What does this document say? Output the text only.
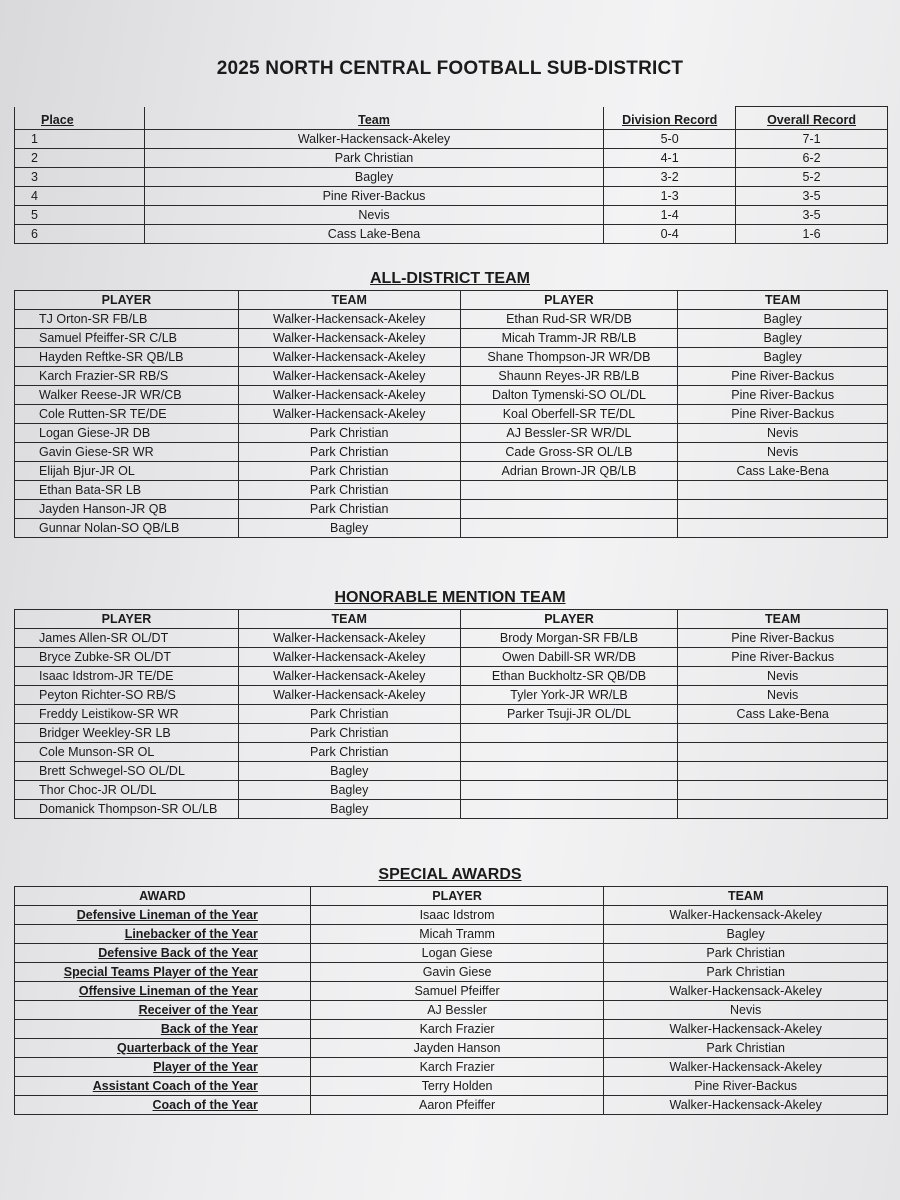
2025 NORTH CENTRAL FOOTBALL SUB-DISTRICT
Place	Team	Division Record	Overall Record
1	Walker-Hackensack-Akeley	5-0	7-1
2	Park Christian	4-1	6-2
3	Bagley	3-2	5-2
4	Pine River-Backus	1-3	3-5
5	Nevis	1-4	3-5
6	Cass Lake-Bena	0-4	1-6
ALL-DISTRICT TEAM
PLAYER	TEAM	PLAYER	TEAM
TJ Orton-SR FB/LB	Walker-Hackensack-Akeley	Ethan Rud-SR WR/DB	Bagley
Samuel Pfeiffer-SR C/LB	Walker-Hackensack-Akeley	Micah Tramm-JR RB/LB	Bagley
Hayden Reftke-SR QB/LB	Walker-Hackensack-Akeley	Shane Thompson-JR WR/DB	Bagley
Karch Frazier-SR RB/S	Walker-Hackensack-Akeley	Shaunn Reyes-JR RB/LB	Pine River-Backus
Walker Reese-JR WR/CB	Walker-Hackensack-Akeley	Dalton Tymenski-SO OL/DL	Pine River-Backus
Cole Rutten-SR TE/DE	Walker-Hackensack-Akeley	Koal Oberfell-SR TE/DL	Pine River-Backus
Logan Giese-JR DB	Park Christian	AJ Bessler-SR WR/DL	Nevis
Gavin Giese-SR WR	Park Christian	Cade Gross-SR OL/LB	Nevis
Elijah Bjur-JR OL	Park Christian	Adrian Brown-JR QB/LB	Cass Lake-Bena
Ethan Bata-SR LB	Park Christian		
Jayden Hanson-JR QB	Park Christian		
Gunnar Nolan-SO QB/LB	Bagley		
HONORABLE MENTION TEAM
PLAYER	TEAM	PLAYER	TEAM
James Allen-SR OL/DT	Walker-Hackensack-Akeley	Brody Morgan-SR FB/LB	Pine River-Backus
Bryce Zubke-SR OL/DT	Walker-Hackensack-Akeley	Owen Dabill-SR WR/DB	Pine River-Backus
Isaac Idstrom-JR TE/DE	Walker-Hackensack-Akeley	Ethan Buckholtz-SR QB/DB	Nevis
Peyton Richter-SO RB/S	Walker-Hackensack-Akeley	Tyler York-JR WR/LB	Nevis
Freddy Leistikow-SR WR	Park Christian	Parker Tsuji-JR OL/DL	Cass Lake-Bena
Bridger Weekley-SR LB	Park Christian		
Cole Munson-SR OL	Park Christian		
Brett Schwegel-SO OL/DL	Bagley		
Thor Choc-JR OL/DL	Bagley		
Domanick Thompson-SR OL/LB	Bagley		
SPECIAL AWARDS
AWARD	PLAYER	TEAM
Defensive Lineman of the Year	Isaac Idstrom	Walker-Hackensack-Akeley
Linebacker of the Year	Micah Tramm	Bagley
Defensive Back of the Year	Logan Giese	Park Christian
Special Teams Player of the Year	Gavin Giese	Park Christian
Offensive Lineman of the Year	Samuel Pfeiffer	Walker-Hackensack-Akeley
Receiver of the Year	AJ Bessler	Nevis
Back of the Year	Karch Frazier	Walker-Hackensack-Akeley
Quarterback of the Year	Jayden Hanson	Park Christian
Player of the Year	Karch Frazier	Walker-Hackensack-Akeley
Assistant Coach of the Year	Terry Holden	Pine River-Backus
Coach of the Year	Aaron Pfeiffer	Walker-Hackensack-Akeley
